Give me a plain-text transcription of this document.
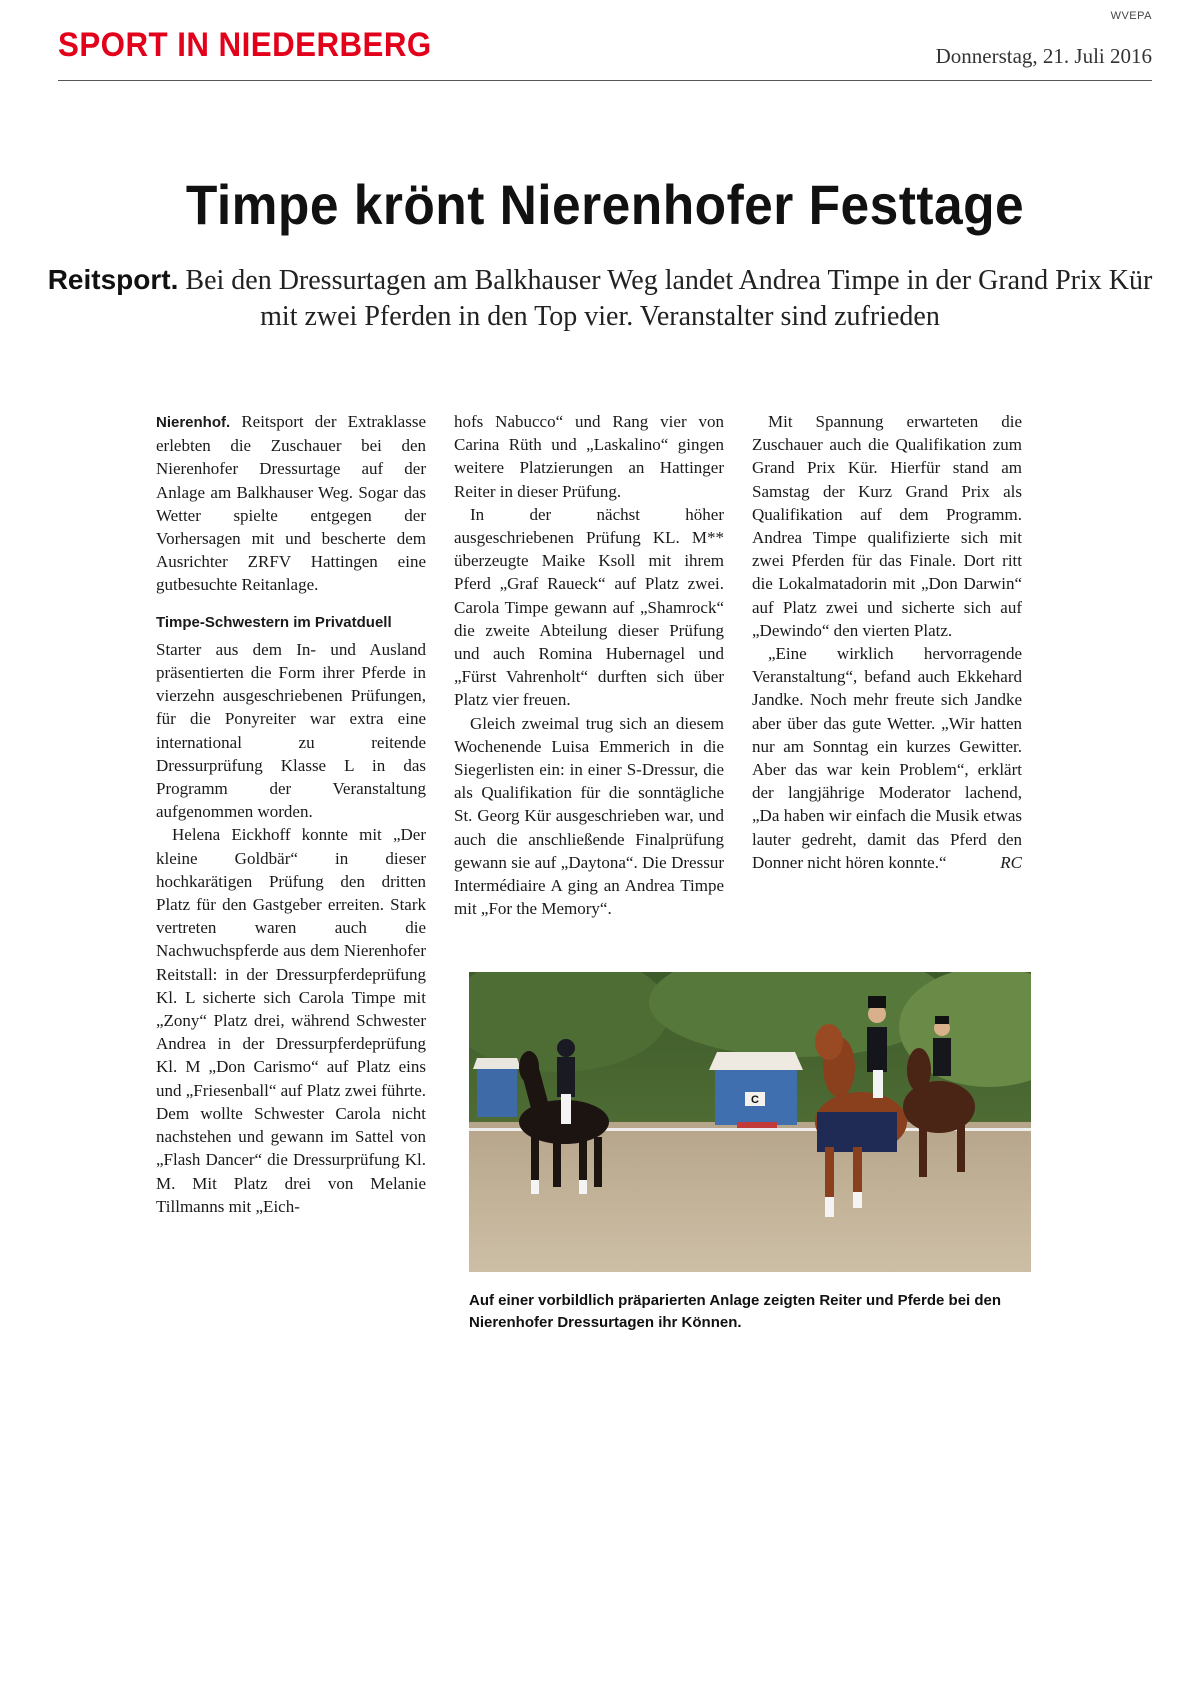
WVEPA
SPORT IN NIEDERBERG	Donnerstag, 21. Juli 2016
Timpe krönt Nierenhofer Festtage
Reitsport. Bei den Dressurtagen am Balkhauser Weg landet Andrea Timpe in der Grand Prix Kür mit zwei Pferden in den Top vier. Veranstalter sind zufrieden

Nierenhof. Reitsport der Extraklasse erlebten die Zuschauer bei den Nierenhofer Dressurtage auf der Anlage am Balkhauser Weg. Sogar das Wetter spielte entgegen der Vorhersagen mit und bescherte dem Ausrichter ZRFV Hattingen eine gutbesuchte Reitanlage.

Timpe-Schwestern im Privatduell

Starter aus dem In- und Ausland präsentierten die Form ihrer Pferde in vierzehn ausgeschriebenen Prüfungen, für die Ponyreiter war extra eine international zu reitende Dressurprüfung Klasse L in das Programm der Veranstaltung aufgenommen worden.

Helena Eickhoff konnte mit „Der kleine Goldbär“ in dieser hochkarätigen Prüfung den dritten Platz für den Gastgeber erreiten. Stark vertreten waren auch die Nachwuchspferde aus dem Nierenhofer Reitstall: in der Dressurpferdeprüfung Kl. L sicherte sich Carola Timpe mit „Zony“ Platz drei, während Schwester Andrea in der Dressurpferdeprüfung Kl. M „Don Carismo“ auf Platz eins und „Friesenball“ auf Platz zwei führte. Dem wollte Schwester Carola nicht nachstehen und gewann im Sattel von „Flash Dancer“ die Dressurprüfung Kl. M. Mit Platz drei von Melanie Tillmanns mit „Eich-

hofs Nabucco“ und Rang vier von Carina Rüth und „Laskalino“ gingen weitere Platzierungen an Hattinger Reiter in dieser Prüfung.

In der nächst höher ausgeschriebenen Prüfung KL. M** überzeugte Maike Ksoll mit ihrem Pferd „Graf Raueck“ auf Platz zwei. Carola Timpe gewann auf „Shamrock“ die zweite Abteilung dieser Prüfung und auch Romina Hubernagel und „Fürst Vahrenholt“ durften sich über Platz vier freuen.

Gleich zweimal trug sich an diesem Wochenende Luisa Emmerich in die Siegerlisten ein: in einer S-Dressur, die als Qualifikation für die sonntägliche St. Georg Kür ausgeschrieben war, und auch die anschließende Finalprüfung gewann sie auf „Daytona“. Die Dressur Intermédiaire A ging an Andrea Timpe mit „For the Memory“.

Mit Spannung erwarteten die Zuschauer auch die Qualifikation zum Grand Prix Kür. Hierfür stand am Samstag der Kurz Grand Prix als Qualifikation auf dem Programm. Andrea Timpe qualifizierte sich mit zwei Pferden für das Finale. Dort ritt die Lokalmatadorin mit „Don Darwin“ auf Platz zwei und sicherte sich auf „Dewindo“ den vierten Platz.

„Eine wirklich hervorragende Veranstaltung“, befand auch Ekkehard Jandke. Noch mehr freute sich Jandke aber über das gute Wetter. „Wir hatten nur am Sonntag ein kurzes Gewitter. Aber das war kein Problem“, erklärt der langjährige Moderator lachend, „Da haben wir einfach die Musik etwas lauter gedreht, damit das Pferd den Donner nicht hören konnte.“	RC
C
Auf einer vorbildlich präparierten Anlage zeigten Reiter und Pferde bei den Nierenhofer Dressurtagen ihr Können.
